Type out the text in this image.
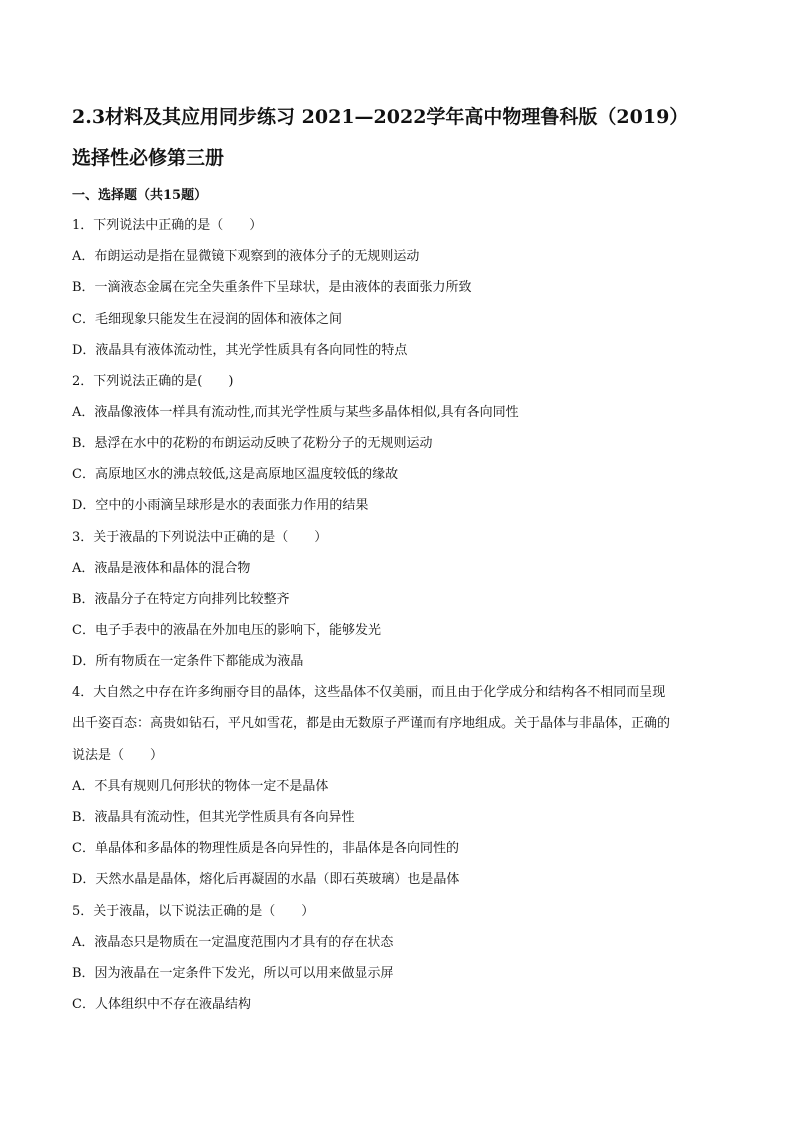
2.3材料及其应用同步练习 2021—2022学年高中物理鲁科版（2019）
选择性必修第三册
一、选择题（共15题）
1．下列说法中正确的是（　　）
A．布朗运动是指在显微镜下观察到的液体分子的无规则运动
B．一滴液态金属在完全失重条件下呈球状，是由液体的表面张力所致
C．毛细现象只能发生在浸润的固体和液体之间
D．液晶具有液体流动性，其光学性质具有各向同性的特点
2．下列说法正确的是(　　)
A．液晶像液体一样具有流动性,而其光学性质与某些多晶体相似,具有各向同性
B．悬浮在水中的花粉的布朗运动反映了花粉分子的无规则运动
C．高原地区水的沸点较低,这是高原地区温度较低的缘故
D．空中的小雨滴呈球形是水的表面张力作用的结果
3．关于液晶的下列说法中正确的是（　　）
A．液晶是液体和晶体的混合物
B．液晶分子在特定方向排列比较整齐
C．电子手表中的液晶在外加电压的影响下，能够发光
D．所有物质在一定条件下都能成为液晶
4．大自然之中存在许多绚丽夺目的晶体，这些晶体不仅美丽，而且由于化学成分和结构各不相同而呈现
出千姿百态：高贵如钻石，平凡如雪花，都是由无数原子严谨而有序地组成。关于晶体与非晶体，正确的
说法是（　　）
A．不具有规则几何形状的物体一定不是晶体
B．液晶具有流动性，但其光学性质具有各向异性
C．单晶体和多晶体的物理性质是各向异性的，非晶体是各向同性的
D．天然水晶是晶体，熔化后再凝固的水晶（即石英玻璃）也是晶体
5．关于液晶，以下说法正确的是（　　）
A．液晶态只是物质在一定温度范围内才具有的存在状态
B．因为液晶在一定条件下发光，所以可以用来做显示屏
C．人体组织中不存在液晶结构
